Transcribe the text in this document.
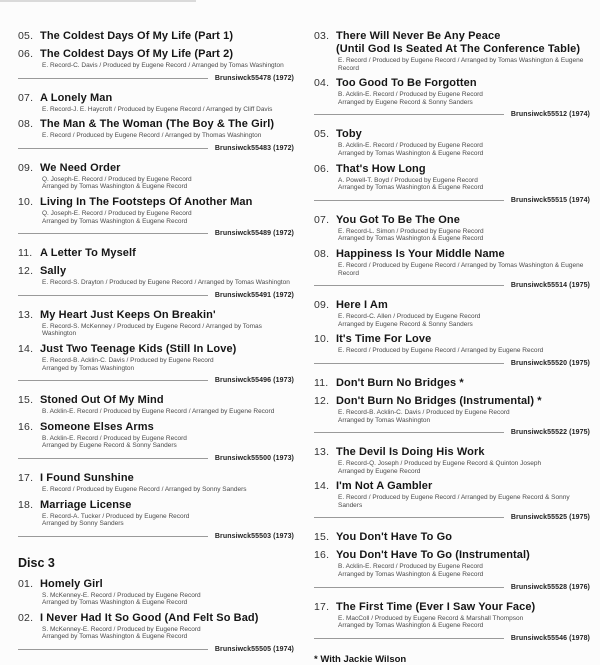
05. The Coldest Days Of My Life (Part 1)
06. The Coldest Days Of My Life (Part 2)
E. Record-C. Davis / Produced by Eugene Record / Arranged by Tomas Washington
Brunsiwck55478 (1972)
07. A Lonely Man
E. Record-J. E. Haycroft / Produced by Eugene Record / Arranged by Cliff Davis
08. The Man & The Woman (The Boy & The Girl)
E. Record / Produced by Eugene Record / Arranged by Thomas Washington
Brunsiwck55483 (1972)
09. We Need Order
Q. Joseph-E. Record / Produced by Eugene Record
Arranged by Tomas Washington & Eugene Record
10. Living In The Footsteps Of Another Man
Q. Joseph-E. Record / Produced by Eugene Record
Arranged by Tomas Washington & Eugene Record
Brunsiwck55489 (1972)
11. A Letter To Myself
12. Sally
E. Record-S. Drayton / Produced by Eugene Record / Arranged by Tomas Washington
Brunsiwck55491 (1972)
13. My Heart Just Keeps On Breakin'
E. Record-S. McKenney / Produced by Eugene Record / Arranged by Tomas Washington
14. Just Two Teenage Kids (Still In Love)
E. Record-B. Acklin-C. Davis / Produced by Eugene Record
Arranged by Tomas Washington
Brunsiwck55496 (1973)
15. Stoned Out Of My Mind
B. Acklin-E. Record / Produced by Eugene Record / Arranged by Eugene Record
16. Someone Elses Arms
B. Acklin-E. Record / Produced by Eugene Record
Arranged by Eugene Record & Sonny Sanders
Brunsiwck55500 (1973)
17. I Found Sunshine
E. Record / Produced by Eugene Record / Arranged by Sonny Sanders
18. Marriage License
E. Record-A. Tucker / Produced by Eugene Record
Arranged by Sonny Sanders
Brunsiwck55503 (1973)
Disc 3
01. Homely Girl
S. McKenney-E. Record / Produced by Eugene Record
Arranged by Tomas Washington & Eugene Record
02. I Never Had It So Good (And Felt So Bad)
S. McKenney-E. Record / Produced by Eugene Record
Arranged by Tomas Washington & Eugene Record
Brunsiwck55505 (1974)
03. There Will Never Be Any Peace
(Until God Is Seated At The Conference Table)
E. Record / Produced by Eugene Record / Arranged by Tomas Washington & Eugene Record
04. Too Good To Be Forgotten
B. Acklin-E. Record / Produced by Eugene Record
Arranged by Eugene Record & Sonny Sanders
Brunsiwck55512 (1974)
05. Toby
B. Acklin-E. Record / Produced by Eugene Record
Arranged by Tomas Washington & Eugene Record
06. That's How Long
A. Powell-T. Boyd / Produced by Eugene Record
Arranged by Tomas Washington & Eugene Record
Brunsiwck55515 (1974)
07. You Got To Be The One
E. Record-L. Simon / Produced by Eugene Record
Arranged by Tomas Washington & Eugene Record
08. Happiness Is Your Middle Name
E. Record / Produced by Eugene Record / Arranged by Tomas Washington & Eugene Record
Brunsiwck55514 (1975)
09. Here I Am
E. Record-C. Allen / Produced by Eugene Record
Arranged by Eugene Record & Sonny Sanders
10. It's Time For Love
E. Record / Produced by Eugene Record / Arranged by Eugene Record
Brunsiwck55520 (1975)
11. Don't Burn No Bridges *
12. Don't Burn No Bridges (Instrumental) *
E. Record-B. Acklin-C. Davis / Produced by Eugene Record
Arranged by Tomas Washington
Brunsiwck55522 (1975)
13. The Devil Is Doing His Work
E. Record-Q. Joseph / Produced by Eugene Record & Quinton Joseph
Arranged by Eugene Record
14. I'm Not A Gambler
E. Record / Produced by Eugene Record / Arranged by Eugene Record & Sonny Sanders
Brunsiwck55525 (1975)
15. You Don't Have To Go
16. You Don't Have To Go (Instrumental)
B. Acklin-E. Record / Produced by Eugene Record
Arranged by Tomas Washington & Eugene Record
Brunsiwck55528 (1976)
17. The First Time (Ever I Saw Your Face)
E. MacColl / Produced by Eugene Record & Marshall Thompson
Arranged by Tomas Washington & Eugene Record
Brunsiwck55546 (1978)
* With Jackie Wilson
